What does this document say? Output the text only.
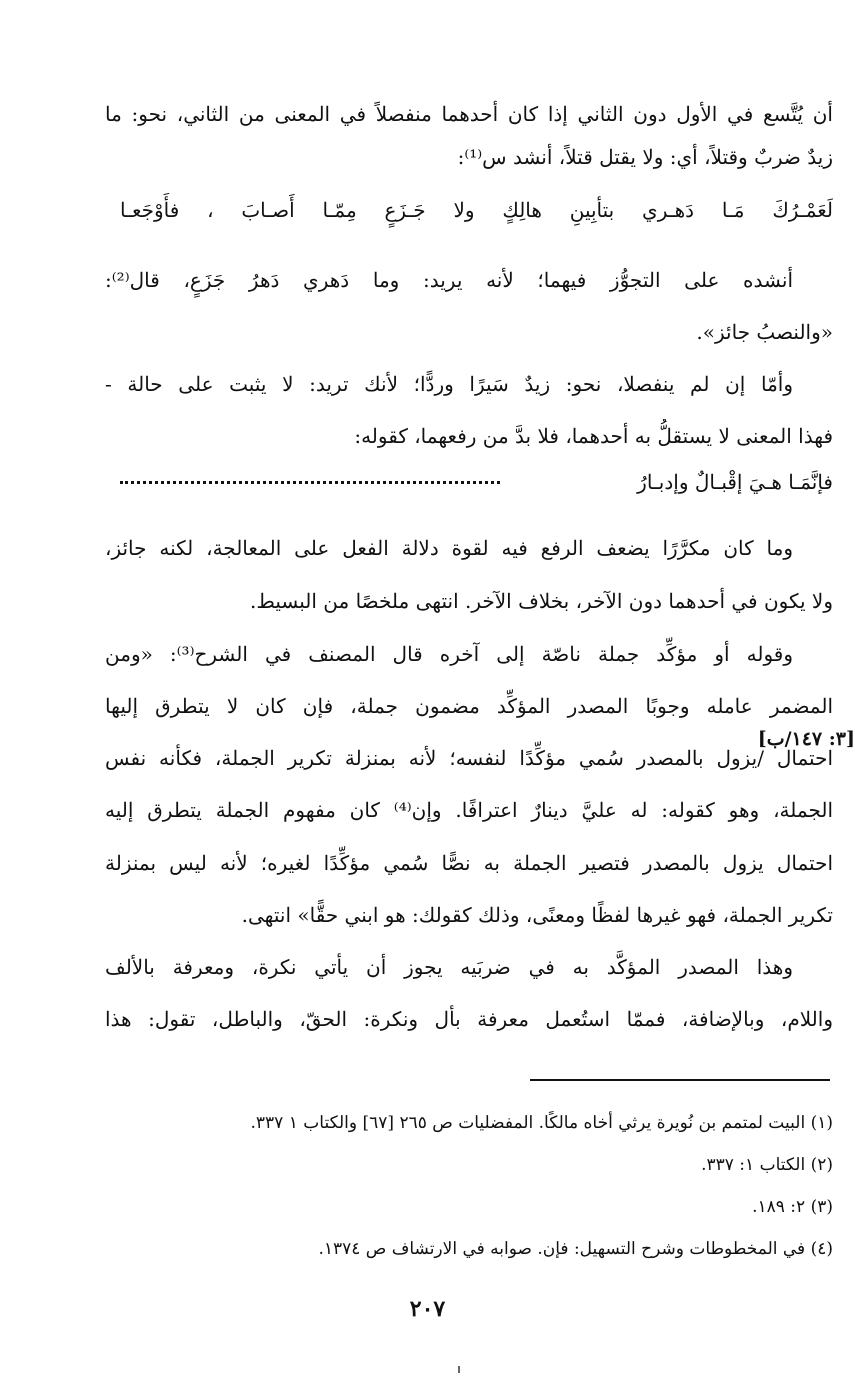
أن يُتَّسع في الأول دون الثاني إذا كان أحدهما منفصلاً في المعنى من الثاني، نحو: ما
زيدٌ ضربٌ وقتلاً، أي: ولا يقتل قتلاً، أنشد س⁽¹⁾:
لَعَمْـرُكَ مَـا دَهـري بتأبِينِ هالِكٍ ولا جَـزَعٍ مِمّـا أَصـابَ ، فأَوْجَعـا
أنشده على التجوُّز فيهما؛ لأنه يريد: وما دَهري دَهرُ جَزَعٍ، قال⁽²⁾:
«والنصبُ جائز».
وأمّا إن لم ينفصلا، نحو: زيدٌ سَيرًا وردًّا؛ لأنك تريد: لا يثبت على حالة -
فهذا المعنى لا يستقلُّ به أحدهما، فلا بدَّ من رفعهما، كقوله:
فإنَّمَـا هـيَ إقْبـالٌ وإدبـارُ
وما كان مكرَّرًا يضعف الرفع فيه لقوة دلالة الفعل على المعالجة، لكنه جائز،
ولا يكون في أحدهما دون الآخر، بخلاف الآخر. انتهى ملخصًا من البسيط.
وقوله أو مؤكِّد جملة ناصّة إلى آخره قال المصنف في الشرح⁽³⁾: «ومن
المضمر عامله وجوبًا المصدر المؤكِّد مضمون جملة، فإن كان لا يتطرق إليها
احتمال /يزول بالمصدر سُمي مؤكِّدًا لنفسه؛ لأنه بمنزلة تكرير الجملة، فكأنه نفس
الجملة، وهو كقوله: له عليَّ دينارٌ اعترافًا. وإن⁽⁴⁾ كان مفهوم الجملة يتطرق إليه
احتمال يزول بالمصدر فتصير الجملة به نصًّا سُمي مؤكِّدًا لغيره؛ لأنه ليس بمنزلة
تكرير الجملة، فهو غيرها لفظًا ومعنًى، وذلك كقولك: هو ابني حقًّا» انتهى.
وهذا المصدر المؤكَّد به في ضربَيه يجوز أن يأتي نكرة، ومعرفة بالألف
واللام، وبالإضافة، فممّا استُعمل معرفة بأل ونكرة: الحقّ، والباطل، تقول: هذا
[٣: ١٤٧/ب]
(١) البيت لمتمم بن نُويرة يرثي أخاه مالكًا. المفضليات ص ٢٦٥ [٦٧] والكتاب ١ ٣٣٧.
(٢) الكتاب ١: ٣٣٧.
(٣) ٢: ١٨٩.
(٤) في المخطوطات وشرح التسهيل: فإن. صوابه في الارتشاف ص ١٣٧٤.
٢٠٧
